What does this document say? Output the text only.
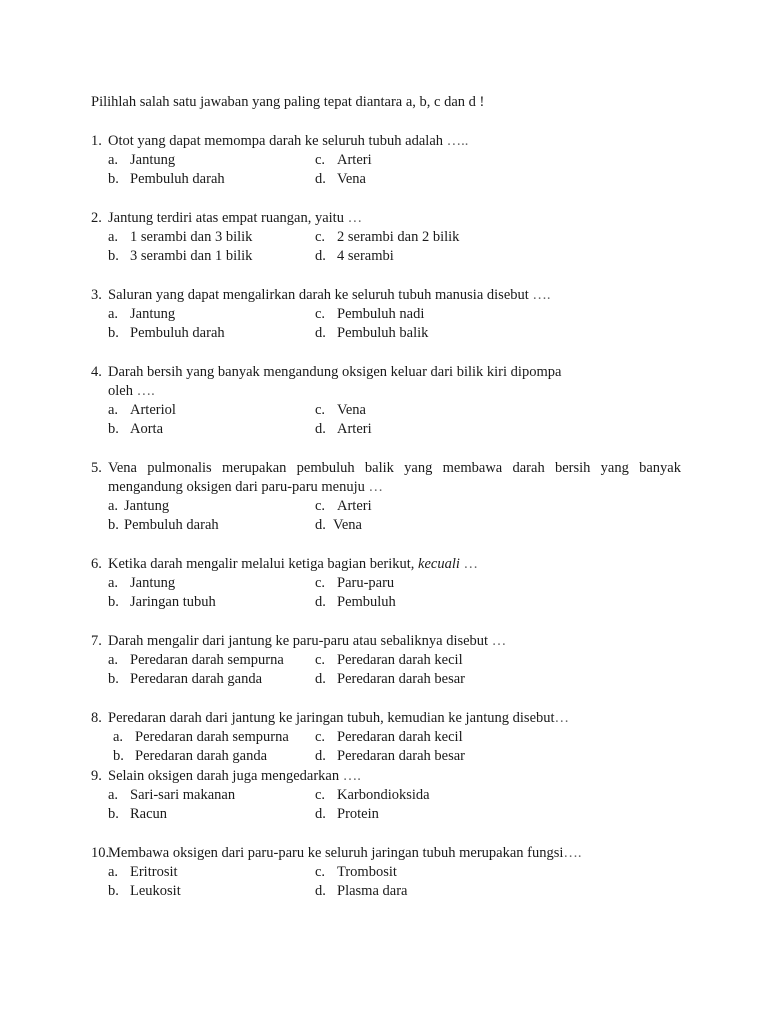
Pilihlah salah satu jawaban yang paling tepat diantara a, b, c dan d !
1. Otot yang dapat memompa darah ke seluruh tubuh adalah …..
a. Jantung	c. Arteri
b. Pembuluh darah	d. Vena
2. Jantung terdiri atas empat ruangan, yaitu …
a. 1 serambi dan 3 bilik	c. 2 serambi dan 2 bilik
b. 3 serambi dan 1 bilik	d. 4 serambi
3. Saluran yang dapat mengalirkan darah ke seluruh tubuh manusia disebut ….
a. Jantung	c. Pembuluh nadi
b. Pembuluh darah	d. Pembuluh balik
4. Darah bersih yang banyak mengandung oksigen keluar dari bilik kiri dipompa
oleh ….
a. Arteriol	c. Vena
b. Aorta	d. Arteri
5. Vena pulmonalis merupakan pembuluh balik yang membawa darah bersih yang banyak mengandung oksigen dari paru-paru menuju …
a. Jantung	c. Arteri
b. Pembuluh darah	d. Vena
6. Ketika darah mengalir melalui ketiga bagian berikut, kecuali …
a. Jantung	c. Paru-paru
b. Jaringan tubuh	d. Pembuluh
7. Darah mengalir dari jantung ke paru-paru atau sebaliknya disebut …
a. Peredaran darah sempurna c. Peredaran darah kecil
b. Peredaran darah ganda	d. Peredaran darah besar
8. Peredaran darah dari jantung ke jaringan tubuh, kemudian ke jantung disebut…
a. Peredaran darah sempurna c. Peredaran darah kecil
b. Peredaran darah ganda	d. Peredaran darah besar
9. Selain oksigen darah juga mengedarkan ….
a. Sari-sari makanan	c. Karbondioksida
b. Racun	d. Protein
10.
Membawa oksigen dari paru-paru ke seluruh jaringan tubuh merupakan fungsi….
a. Eritrosit	c. Trombosit
b. Leukosit	d. Plasma dara
